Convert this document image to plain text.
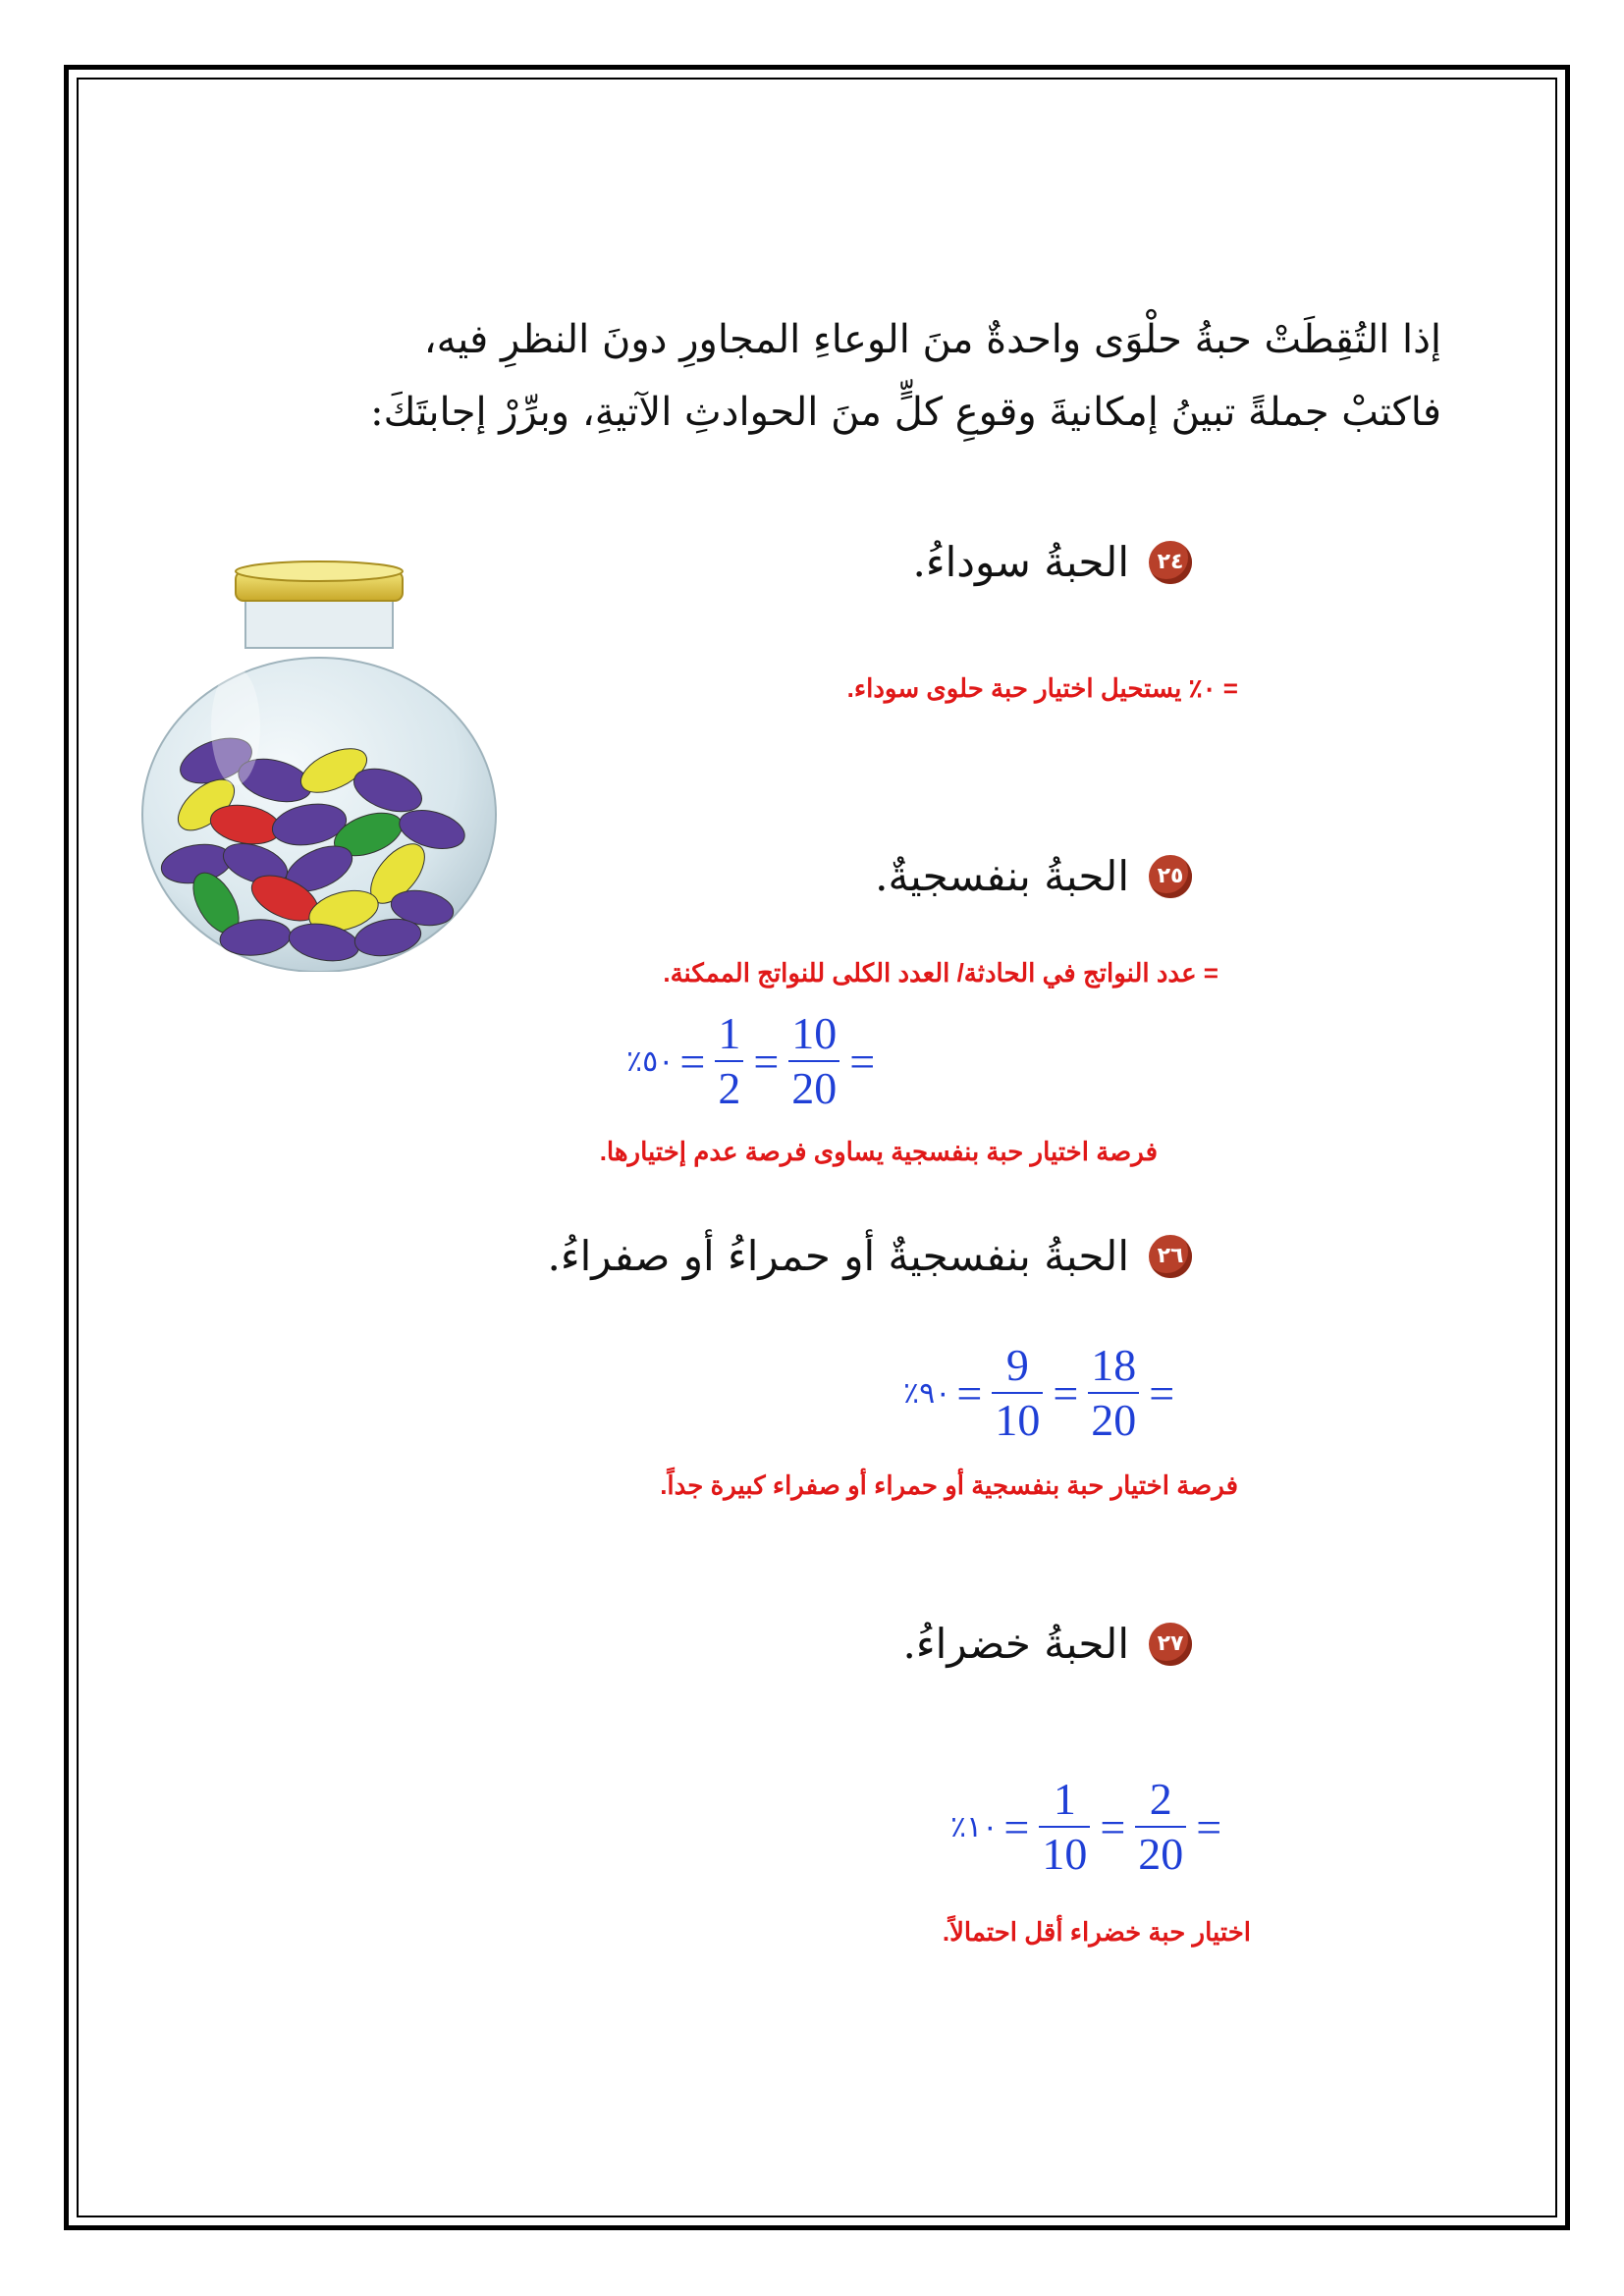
إذا التُقِطَتْ حبةُ حلْوَى واحدةٌ منَ الوعاءِ المجاورِ دونَ النظرِ فيه،
فاكتبْ جملةً تبينُ إمكانيةَ وقوعِ كلٍّ منَ الحوادثِ الآتيةِ، وبرِّرْ إجابتَكَ:
٢٤
الحبةُ سوداءُ.
= ٠٪ يستحيل اختيار حبة حلوى سوداء.
٢٥
الحبةُ بنفسجيةٌ.
= عدد النواتج في الحادثة/ العدد الكلى للنواتج الممكنة.
٥٠٪ = $\frac{1}{2} = \frac{10}{20}$ =
فرصة اختيار حبة بنفسجية يساوى فرصة عدم إختيارها.
٢٦
الحبةُ بنفسجيةٌ أو حمراءُ أو صفراءُ.
٩٠٪ = $\frac{9}{10} = \frac{18}{20}$ =
فرصة اختيار حبة بنفسجية أو حمراء أو صفراء كبيرة جداً.
٢٧
الحبةُ خضراءُ.
١٠٪ = $\frac{1}{10} = \frac{2}{20}$ =
اختيار حبة خضراء أقل احتمالاً.
